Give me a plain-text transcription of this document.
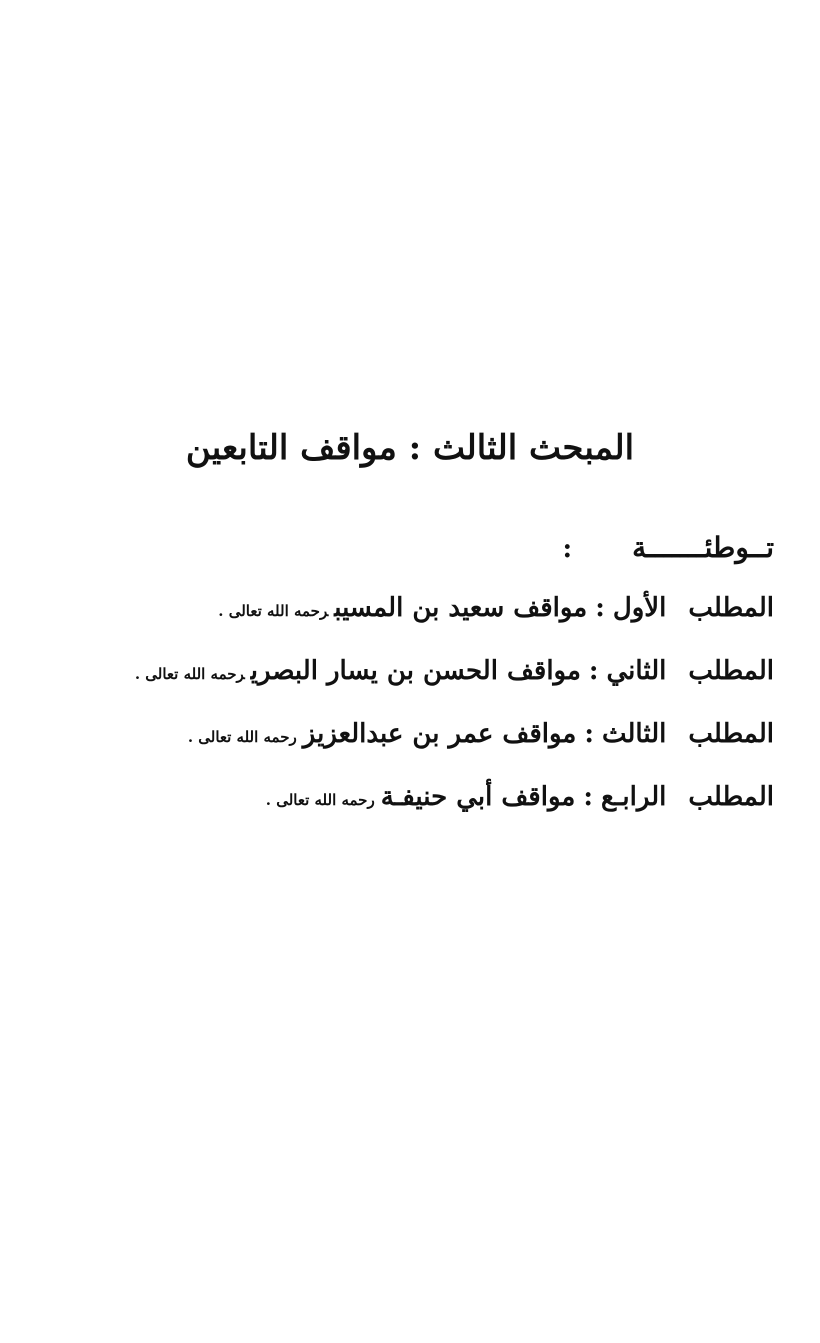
المبحث الثالث : مواقف التابعين
تــوطئـــــــة:
المطلبالأول:مواقف سعيد بن المسيبرحمه الله تعالى .
المطلبالثاني:مواقف الحسن بن يسار البصريرحمه الله تعالى .
المطلبالثالث:مواقف عمر بن عبدالعزيزرحمه الله تعالى .
المطلبالرابـع:مواقف أبي حنيفـةرحمه الله تعالى .
